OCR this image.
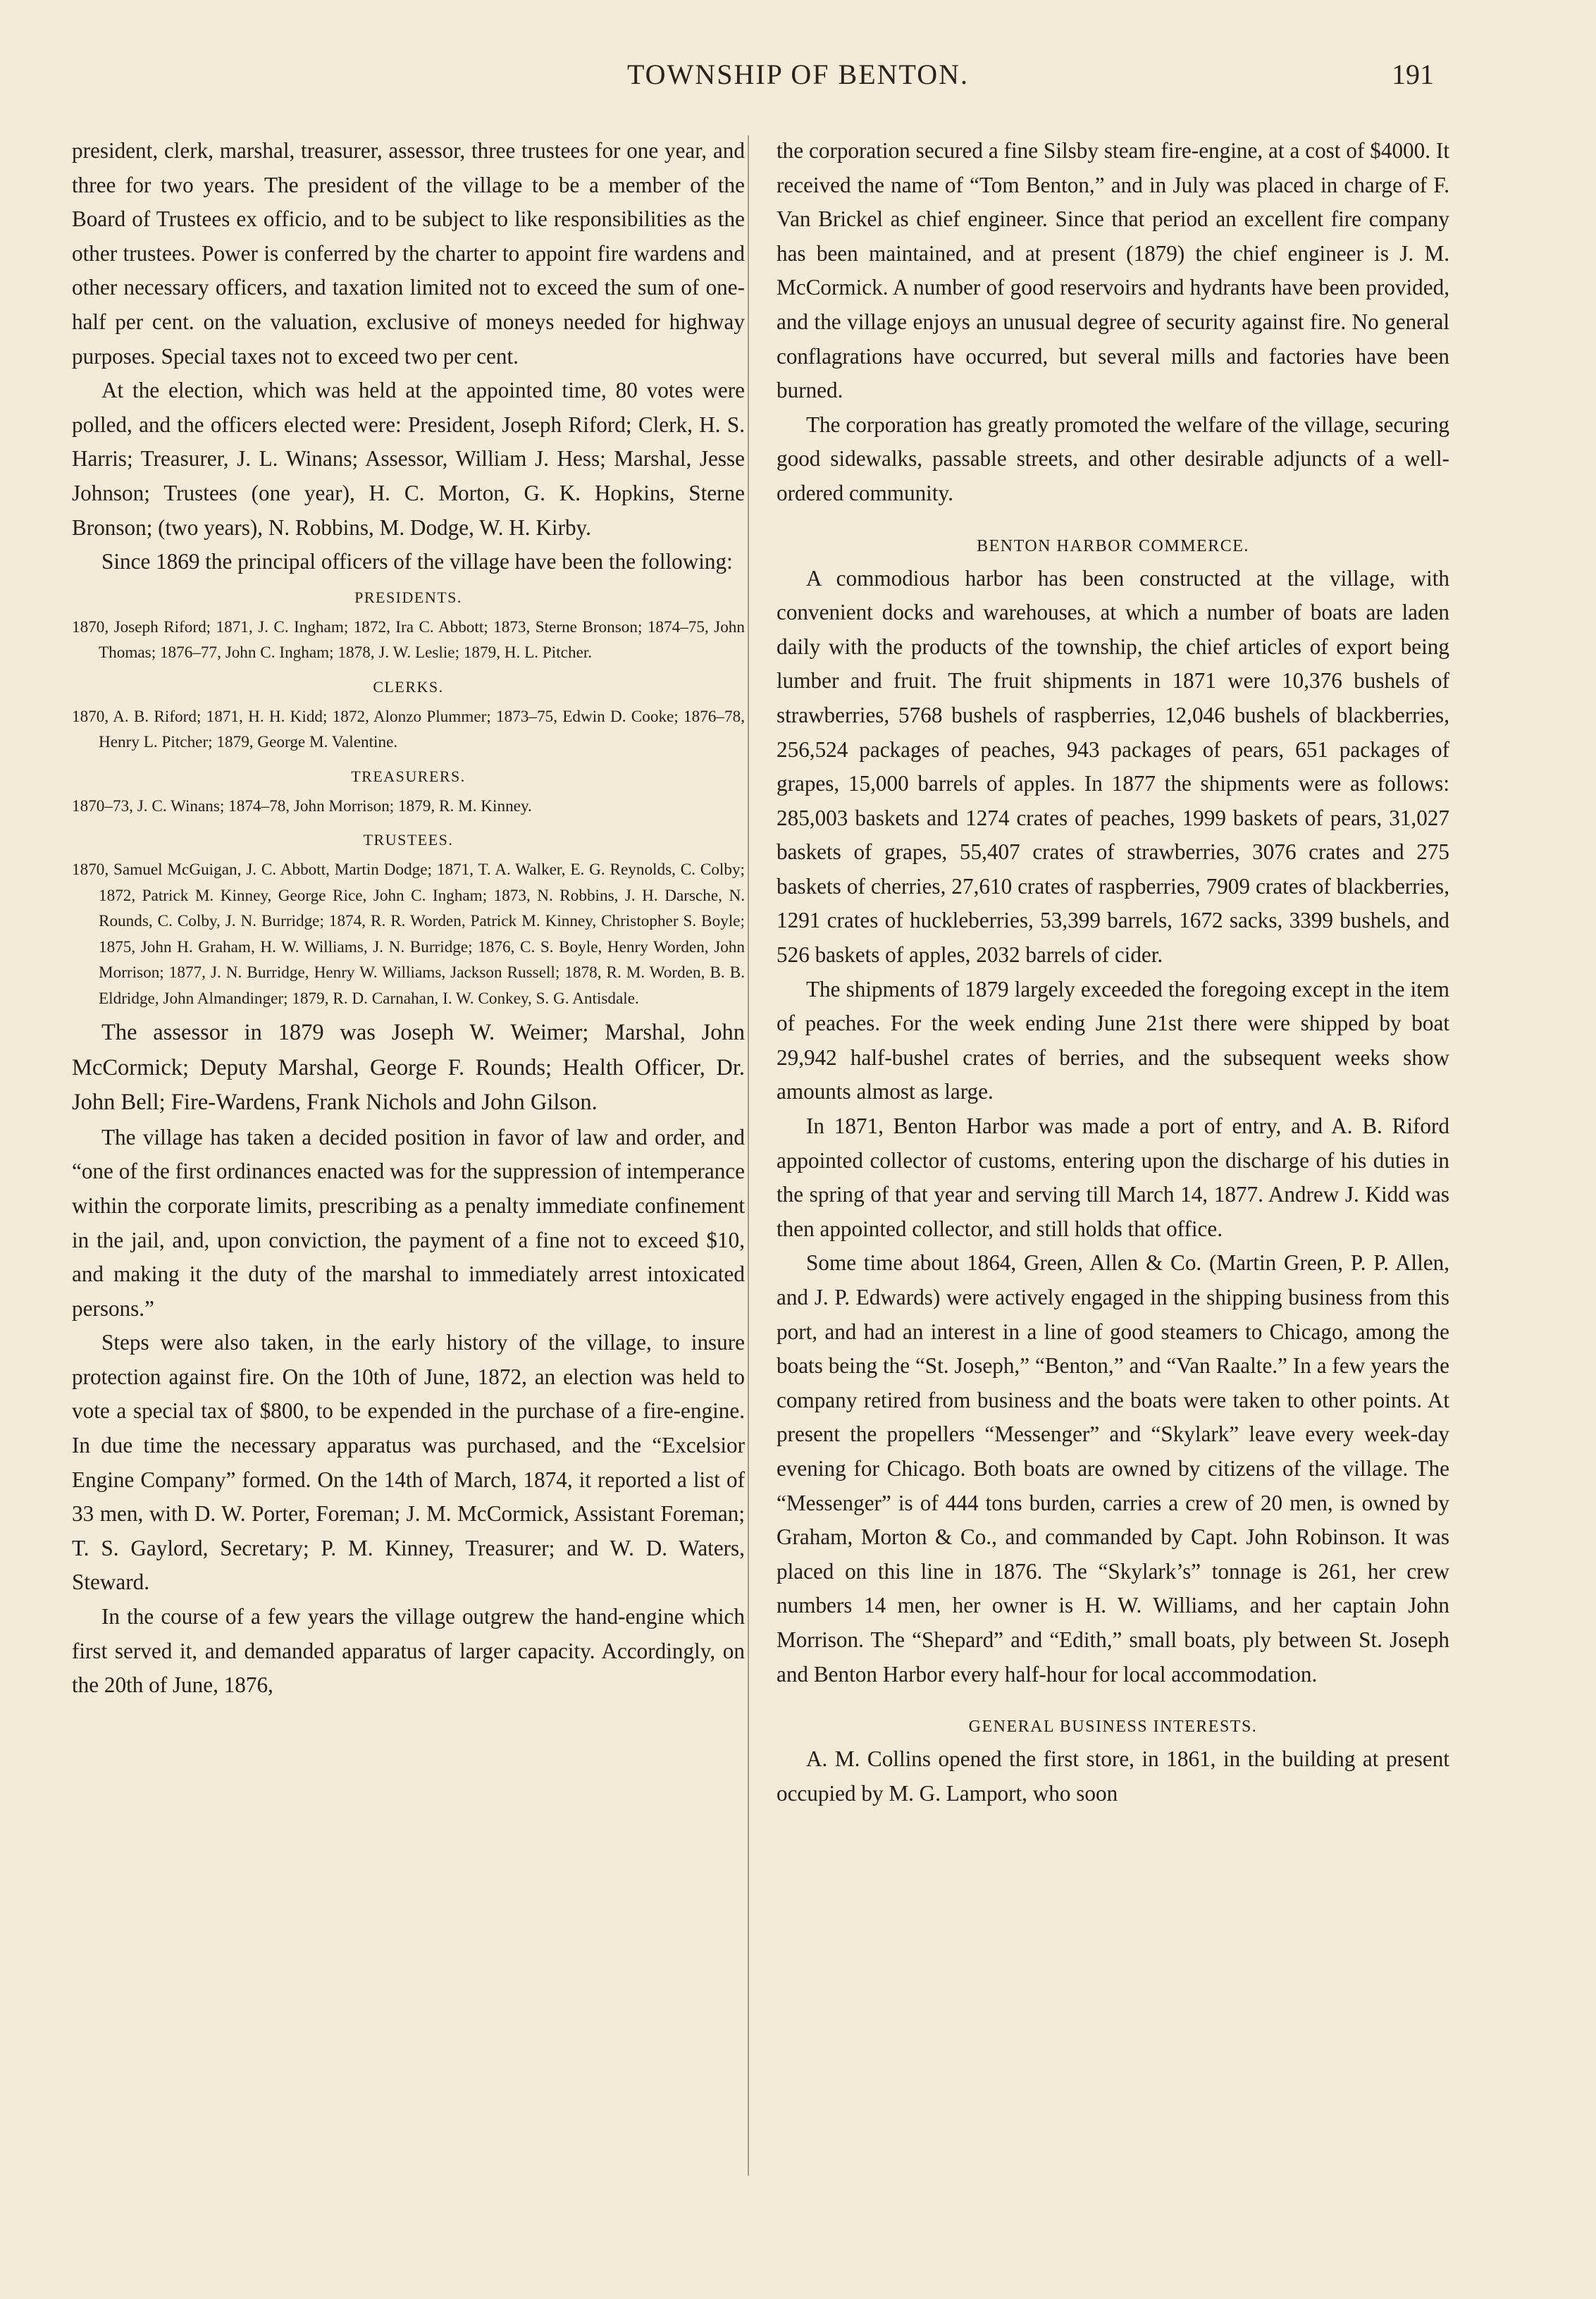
TOWNSHIP OF BENTON.	191

president, clerk, marshal, treasurer, assessor, three trustees for one year, and three for two years. The president of the village to be a member of the Board of Trustees ex officio, and to be subject to like responsibilities as the other trustees. Power is conferred by the charter to appoint fire wardens and other necessary officers, and taxation limited not to exceed the sum of one-half per cent. on the valuation, exclusive of moneys needed for highway purposes. Special taxes not to exceed two per cent.

At the election, which was held at the appointed time, 80 votes were polled, and the officers elected were: President, Joseph Riford; Clerk, H. S. Harris; Treasurer, J. L. Winans; Assessor, William J. Hess; Marshal, Jesse Johnson; Trustees (one year), H. C. Morton, G. K. Hopkins, Sterne Bronson; (two years), N. Robbins, M. Dodge, W. H. Kirby.

Since 1869 the principal officers of the village have been the following:

PRESIDENTS.
1870, Joseph Riford; 1871, J. C. Ingham; 1872, Ira C. Abbott; 1873, Sterne Bronson; 1874–75, John Thomas; 1876–77, John C. Ingham; 1878, J. W. Leslie; 1879, H. L. Pitcher.
CLERKS.
1870, A. B. Riford; 1871, H. H. Kidd; 1872, Alonzo Plummer; 1873–75, Edwin D. Cooke; 1876–78, Henry L. Pitcher; 1879, George M. Valentine.
TREASURERS.
1870–73, J. C. Winans; 1874–78, John Morrison; 1879, R. M. Kinney.
TRUSTEES.
1870, Samuel McGuigan, J. C. Abbott, Martin Dodge; 1871, T. A. Walker, E. G. Reynolds, C. Colby; 1872, Patrick M. Kinney, George Rice, John C. Ingham; 1873, N. Robbins, J. H. Darsche, N. Rounds, C. Colby, J. N. Burridge; 1874, R. R. Worden, Patrick M. Kinney, Christopher S. Boyle; 1875, John H. Graham, H. W. Williams, J. N. Burridge; 1876, C. S. Boyle, Henry Worden, John Morrison; 1877, J. N. Burridge, Henry W. Williams, Jackson Russell; 1878, R. M. Worden, B. B. Eldridge, John Almandinger; 1879, R. D. Carnahan, I. W. Conkey, S. G. Antisdale.

The assessor in 1879 was Joseph W. Weimer; Marshal, John McCormick; Deputy Marshal, George F. Rounds; Health Officer, Dr. John Bell; Fire-Wardens, Frank Nichols and John Gilson.

The village has taken a decided position in favor of law and order, and “one of the first ordinances enacted was for the suppression of intemperance within the corporate limits, prescribing as a penalty immediate confinement in the jail, and, upon conviction, the payment of a fine not to exceed $10, and making it the duty of the marshal to immediately arrest intoxicated persons.”

Steps were also taken, in the early history of the village, to insure protection against fire. On the 10th of June, 1872, an election was held to vote a special tax of $800, to be expended in the purchase of a fire-engine. In due time the necessary apparatus was purchased, and the “Excelsior Engine Company” formed. On the 14th of March, 1874, it reported a list of 33 men, with D. W. Porter, Foreman; J. M. McCormick, Assistant Foreman; T. S. Gaylord, Secretary; P. M. Kinney, Treasurer; and W. D. Waters, Steward.

In the course of a few years the village outgrew the hand-engine which first served it, and demanded apparatus of larger capacity. Accordingly, on the 20th of June, 1876,

the corporation secured a fine Silsby steam fire-engine, at a cost of $4000. It received the name of “Tom Benton,” and in July was placed in charge of F. Van Brickel as chief engineer. Since that period an excellent fire company has been maintained, and at present (1879) the chief engineer is J. M. McCormick. A number of good reservoirs and hydrants have been provided, and the village enjoys an unusual degree of security against fire. No general conflagrations have occurred, but several mills and factories have been burned.

The corporation has greatly promoted the welfare of the village, securing good sidewalks, passable streets, and other desirable adjuncts of a well-ordered community.

BENTON HARBOR COMMERCE.

A commodious harbor has been constructed at the village, with convenient docks and warehouses, at which a number of boats are laden daily with the products of the township, the chief articles of export being lumber and fruit. The fruit shipments in 1871 were 10,376 bushels of strawberries, 5768 bushels of raspberries, 12,046 bushels of blackberries, 256,524 packages of peaches, 943 packages of pears, 651 packages of grapes, 15,000 barrels of apples. In 1877 the shipments were as follows: 285,003 baskets and 1274 crates of peaches, 1999 baskets of pears, 31,027 baskets of grapes, 55,407 crates of strawberries, 3076 crates and 275 baskets of cherries, 27,610 crates of raspberries, 7909 crates of blackberries, 1291 crates of huckleberries, 53,399 barrels, 1672 sacks, 3399 bushels, and 526 baskets of apples, 2032 barrels of cider.

The shipments of 1879 largely exceeded the foregoing except in the item of peaches. For the week ending June 21st there were shipped by boat 29,942 half-bushel crates of berries, and the subsequent weeks show amounts almost as large.

In 1871, Benton Harbor was made a port of entry, and A. B. Riford appointed collector of customs, entering upon the discharge of his duties in the spring of that year and serving till March 14, 1877. Andrew J. Kidd was then appointed collector, and still holds that office.

Some time about 1864, Green, Allen & Co. (Martin Green, P. P. Allen, and J. P. Edwards) were actively engaged in the shipping business from this port, and had an interest in a line of good steamers to Chicago, among the boats being the “St. Joseph,” “Benton,” and “Van Raalte.” In a few years the company retired from business and the boats were taken to other points. At present the propellers “Messenger” and “Skylark” leave every week-day evening for Chicago. Both boats are owned by citizens of the village. The “Messenger” is of 444 tons burden, carries a crew of 20 men, is owned by Graham, Morton & Co., and commanded by Capt. John Robinson. It was placed on this line in 1876. The “Skylark’s” tonnage is 261, her crew numbers 14 men, her owner is H. W. Williams, and her captain John Morrison. The “Shepard” and “Edith,” small boats, ply between St. Joseph and Benton Harbor every half-hour for local accommodation.

GENERAL BUSINESS INTERESTS.

A. M. Collins opened the first store, in 1861, in the building at present occupied by M. G. Lamport, who soon
